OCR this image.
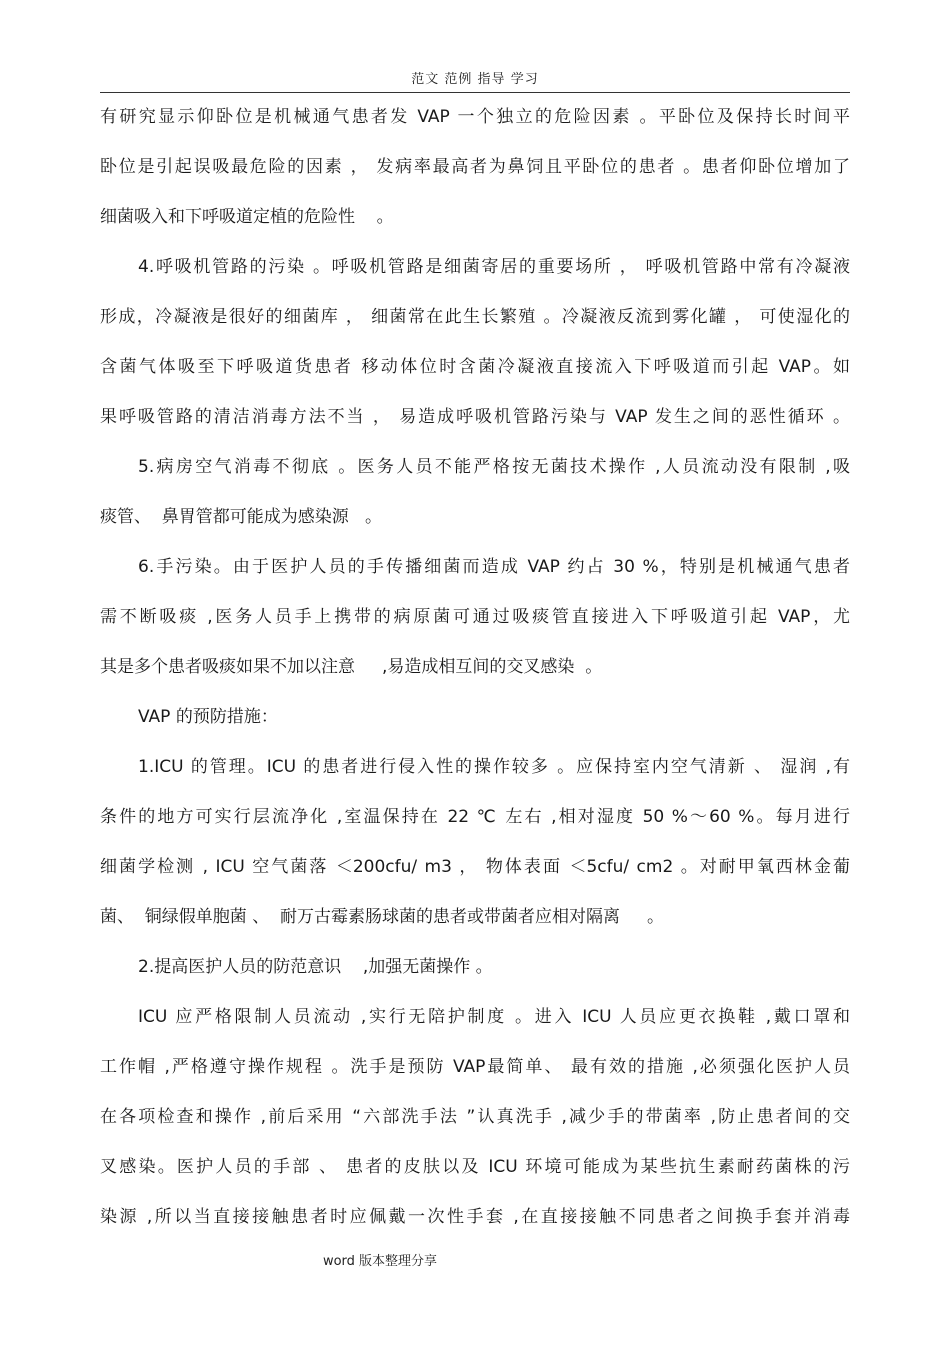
范文 范例 指导 学习
有研究显示仰卧位是机械通气患者发 VAP 一个独立的危险因素 。平卧位及保持长时间平
卧位是引起误吸最危险的因素 ， 发病率最高者为鼻饲且平卧位的患者 。患者仰卧位增加了
细菌吸入和下呼吸道定植的危险性    。
4.呼吸机管路的污染 。呼吸机管路是细菌寄居的重要场所 ， 呼吸机管路中常有冷凝液
形成，冷凝液是很好的细菌库 ， 细菌常在此生长繁殖 。冷凝液反流到雾化罐 ， 可使湿化的
含菌气体吸至下呼吸道货患者 移动体位时含菌冷凝液直接流入下呼吸道而引起 VAP。如
果呼吸管路的清洁消毒方法不当 ， 易造成呼吸机管路污染与 VAP 发生之间的恶性循环 。
5.病房空气消毒不彻底 。医务人员不能严格按无菌技术操作 ,人员流动没有限制 ,吸
痰管、  鼻胃管都可能成为感染源   。
6.手污染。由于医护人员的手传播细菌而造成 VAP 约占 30 %，特别是机械通气患者
需不断吸痰 ,医务人员手上携带的病原菌可通过吸痰管直接进入下呼吸道引起 VAP，尤
其是多个患者吸痰如果不加以注意     ,易造成相互间的交叉感染  。
VAP 的预防措施：
1.ICU 的管理。ICU 的患者进行侵入性的操作较多 。应保持室内空气清新 、 湿润 ,有
条件的地方可实行层流净化 ,室温保持在 22 ℃ 左右 ,相对湿度 50 %～60 %。每月进行
细菌学检测 , ICU 空气菌落 ＜200cfu/ m3 ， 物体表面 ＜5cfu/ cm2 。对耐甲氧西林金葡
菌、  铜绿假单胞菌 、  耐万古霉素肠球菌的患者或带菌者应相对隔离     。
2.提高医护人员的防范意识    ,加强无菌操作 。
ICU 应严格限制人员流动 ,实行无陪护制度 。进入 ICU 人员应更衣换鞋 ,戴口罩和
工作帽 ,严格遵守操作规程 。洗手是预防 VAP最简单、 最有效的措施 ,必须强化医护人员
在各项检查和操作 ,前后采用 “六部洗手法 ”认真洗手 ,减少手的带菌率 ,防止患者间的交
叉感染。医护人员的手部 、 患者的皮肤以及 ICU 环境可能成为某些抗生素耐药菌株的污
染源 ,所以当直接接触患者时应佩戴一次性手套 ,在直接接触不同患者之间换手套并消毒
word 版本整理分享
